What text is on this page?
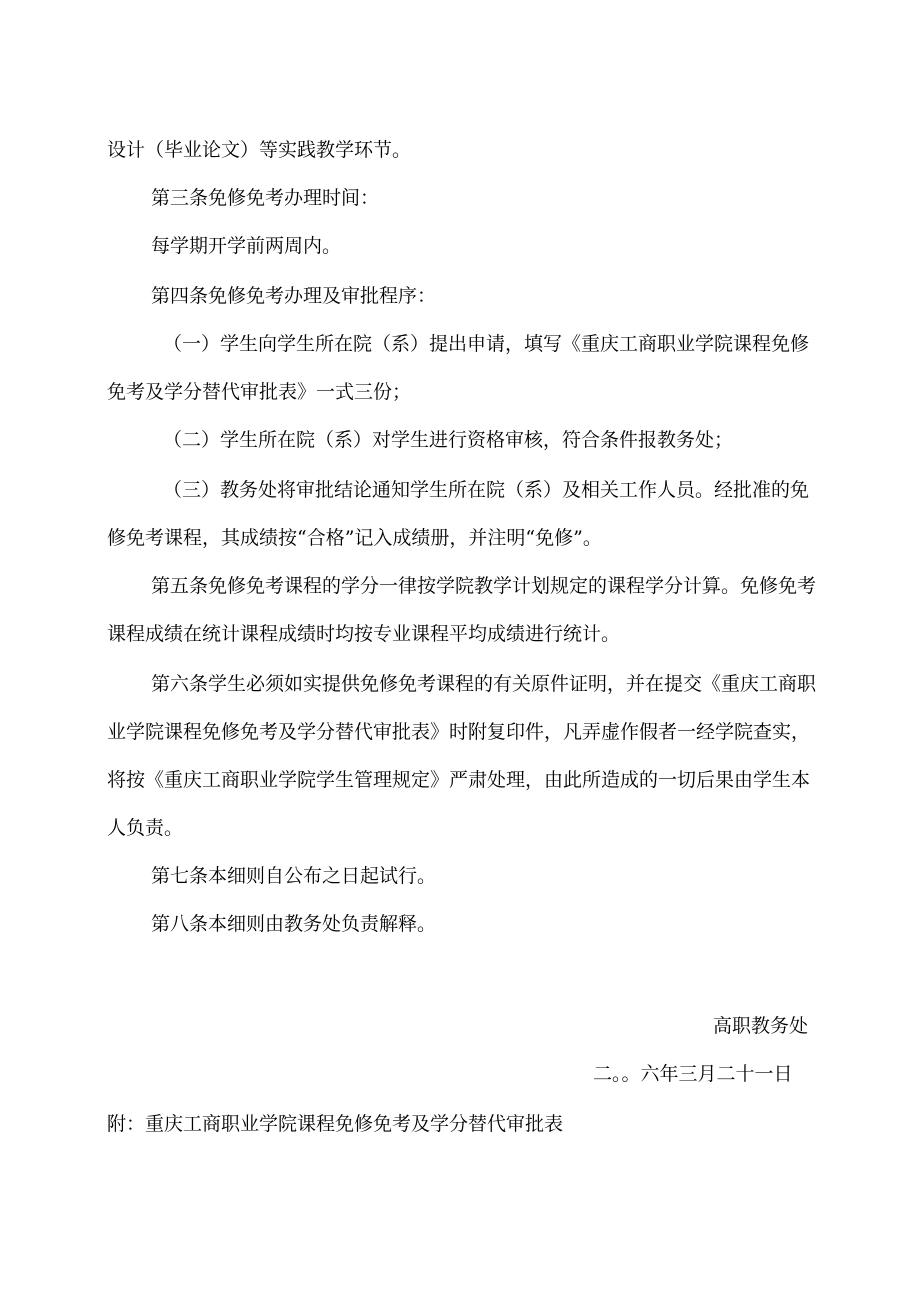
设计（毕业论文）等实践教学环节。
第三条免修免考办理时间：
每学期开学前两周内。
第四条免修免考办理及审批程序：
（一）学生向学生所在院（系）提出申请，填写《重庆工商职业学院课程免修
免考及学分替代审批表》一式三份；
（二）学生所在院（系）对学生进行资格审核，符合条件报教务处；
（三）教务处将审批结论通知学生所在院（系）及相关工作人员。经批准的免
修免考课程，其成绩按“合格”记入成绩册，并注明“免修”。
第五条免修免考课程的学分一律按学院教学计划规定的课程学分计算。免修免考
课程成绩在统计课程成绩时均按专业课程平均成绩进行统计。
第六条学生必须如实提供免修免考课程的有关原件证明，并在提交《重庆工商职
业学院课程免修免考及学分替代审批表》时附复印件，凡弄虚作假者一经学院查实，
将按《重庆工商职业学院学生管理规定》严肃处理，由此所造成的一切后果由学生本
人负责。
第七条本细则自公布之日起试行。
第八条本细则由教务处负责解释。
高职教务处
二。。六年三月二十一日
附：重庆工商职业学院课程免修免考及学分替代审批表
